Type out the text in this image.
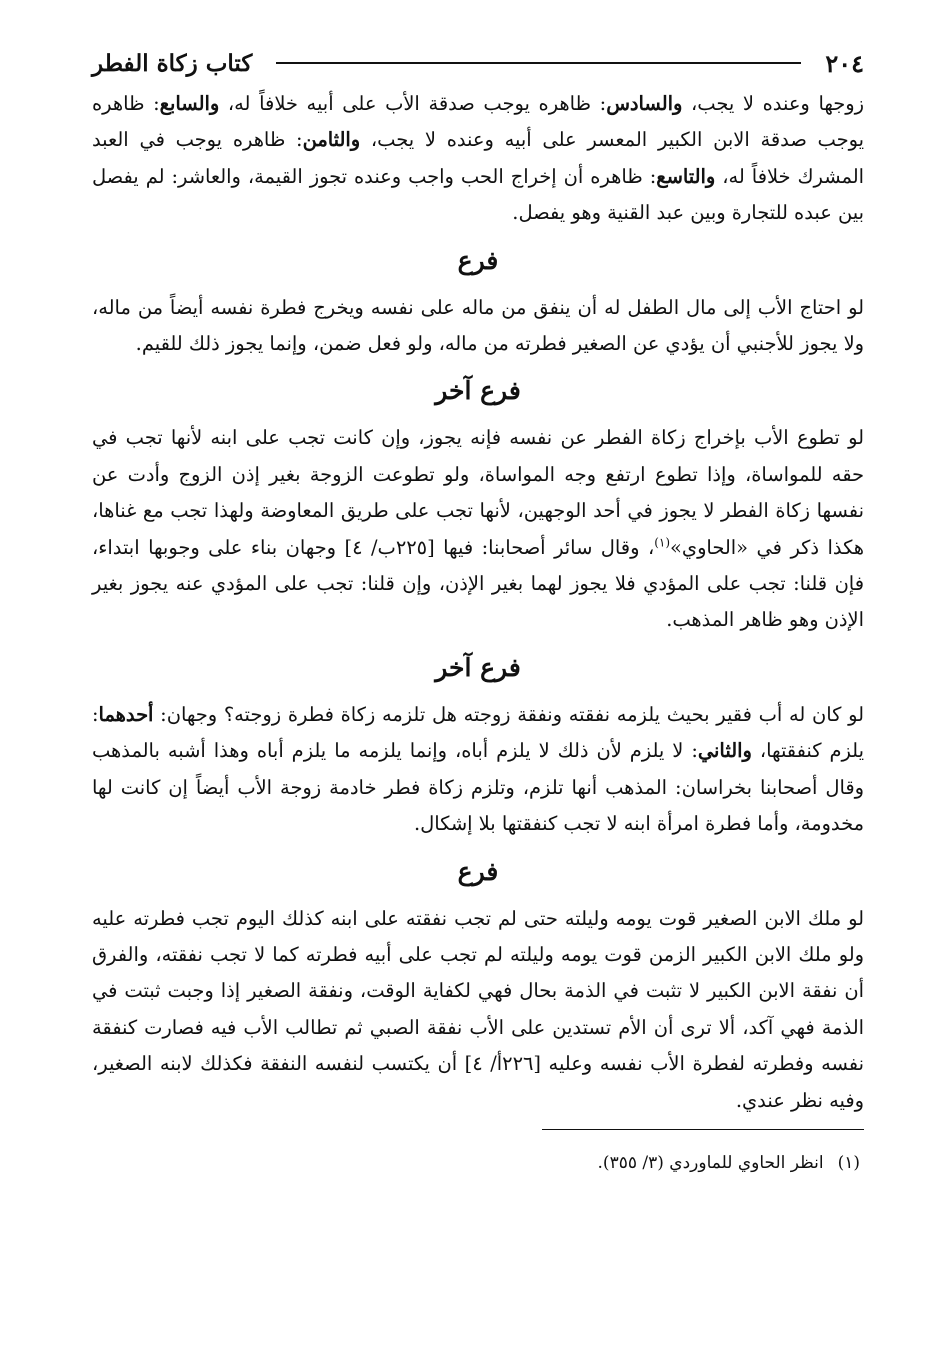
٢٠٤
كتاب زكاة الفطر

زوجها وعنده لا يجب، والسادس: ظاهره يوجب صدقة الأب على أبيه خلافاً له، والسابع: ظاهره يوجب صدقة الابن الكبير المعسر على أبيه وعنده لا يجب، والثامن: ظاهره يوجب في العبد المشرك خلافاً له، والتاسع: ظاهره أن إخراج الحب واجب وعنده تجوز القيمة، والعاشر: لم يفصل بين عبده للتجارة وبين عبد القنية وهو يفصل.

فرع

لو احتاج الأب إلى مال الطفل له أن ينفق من ماله على نفسه ويخرج فطرة نفسه أيضاً من ماله، ولا يجوز للأجنبي أن يؤدي عن الصغير فطرته من ماله، ولو فعل ضمن، وإنما يجوز ذلك للقيم.

فرع آخر

لو تطوع الأب بإخراج زكاة الفطر عن نفسه فإنه يجوز، وإن كانت تجب على ابنه لأنها تجب في حقه للمواساة، وإذا تطوع ارتفع وجه المواساة، ولو تطوعت الزوجة بغير إذن الزوج وأدت عن نفسها زكاة الفطر لا يجوز في أحد الوجهين، لأنها تجب على طريق المعاوضة ولهذا تجب مع غناها، هكذا ذكر في «الحاوي»$^{(١)}$، وقال سائر أصحابنا: فيها [٢٢٥ب/ ٤] وجهان بناء على وجوبها ابتداء، فإن قلنا: تجب على المؤدي فلا يجوز لهما بغير الإذن، وإن قلنا: تجب على المؤدي عنه يجوز بغير الإذن وهو ظاهر المذهب.

فرع آخر

لو كان له أب فقير بحيث يلزمه نفقته ونفقة زوجته هل تلزمه زكاة فطرة زوجته؟ وجهان: أحدهما: يلزم كنفقتها، والثاني: لا يلزم لأن ذلك لا يلزم أباه، وإنما يلزمه ما يلزم أباه وهذا أشبه بالمذهب وقال أصحابنا بخراسان: المذهب أنها تلزم، وتلزم زكاة فطر خادمة زوجة الأب أيضاً إن كانت لها مخدومة، وأما فطرة امرأة ابنه لا تجب كنفقتها بلا إشكال.

فرع

لو ملك الابن الصغير قوت يومه وليلته حتى لم تجب نفقته على ابنه كذلك اليوم تجب فطرته عليه ولو ملك الابن الكبير الزمن قوت يومه وليلته لم تجب على أبيه فطرته كما لا تجب نفقته، والفرق أن نفقة الابن الكبير لا تثبت في الذمة بحال فهي لكفاية الوقت، ونفقة الصغير إذا وجبت ثبتت في الذمة فهي آكد، ألا ترى أن الأم تستدين على الأب نفقة الصبي ثم تطالب الأب فيه فصارت كنفقة نفسه وفطرته لفطرة الأب نفسه وعليه [٢٢٦أ/ ٤] أن يكتسب لنفسه النفقة فكذلك لابنه الصغير، وفيه نظر عندي.

(١)انظر الحاوي للماوردي (٣/ ٣٥٥).
